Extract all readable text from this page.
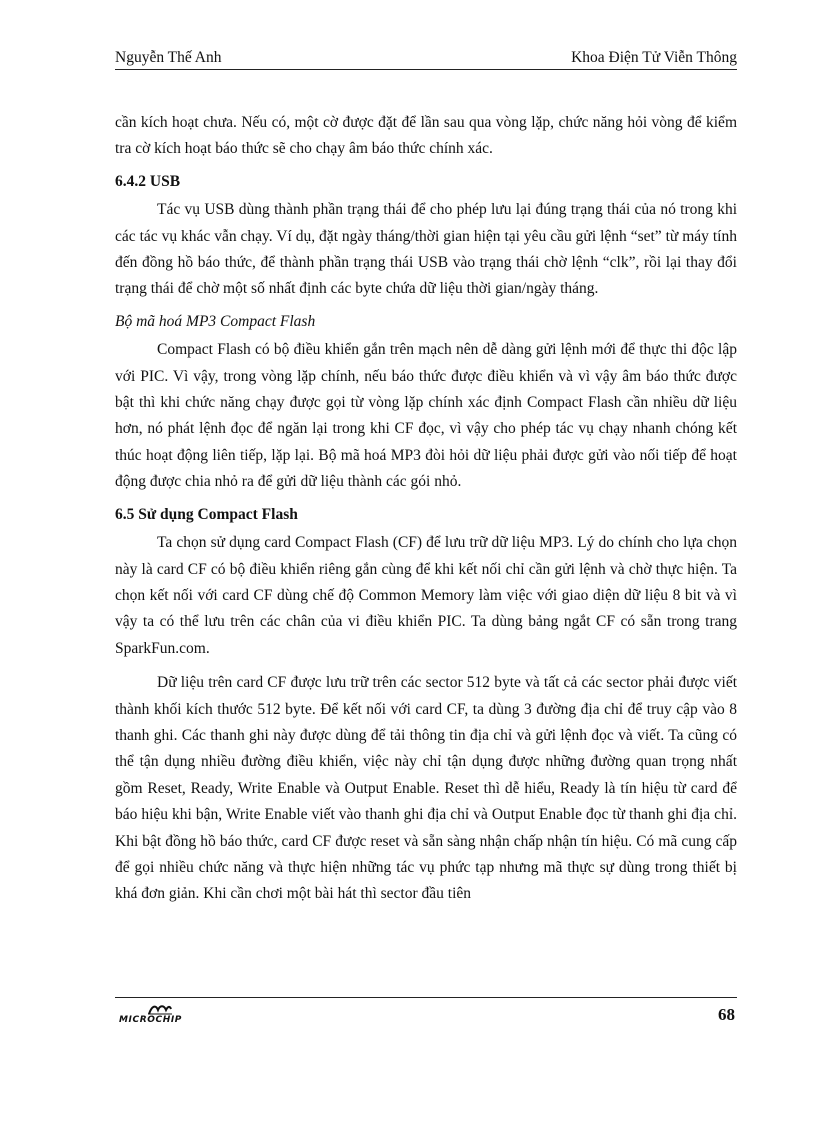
Nguyễn Thế Anh	Khoa Điện Tử Viễn Thông

cần kích hoạt chưa. Nếu có, một cờ được đặt để lần sau qua vòng lặp, chức năng hỏi vòng để kiểm tra cờ kích hoạt báo thức sẽ cho chạy âm báo thức chính xác.

6.4.2 USB

Tác vụ USB dùng thành phần trạng thái để cho phép lưu lại đúng trạng thái của nó trong khi các tác vụ khác vẫn chạy. Ví dụ, đặt ngày tháng/thời gian hiện tại yêu cầu gửi lệnh “set” từ máy tính đến đồng hồ báo thức, để thành phần trạng thái USB vào trạng thái chờ lệnh “clk”, rồi lại thay đổi trạng thái để chờ một số nhất định các byte chứa dữ liệu thời gian/ngày tháng.

Bộ mã hoá MP3 Compact Flash

Compact Flash có bộ điều khiển gắn trên mạch nên dễ dàng gửi lệnh mới để thực thi độc lập với PIC. Vì vậy, trong vòng lặp chính, nếu báo thức được điều khiển và vì vậy âm báo thức được bật thì khi chức năng chạy được gọi từ vòng lặp chính xác định Compact Flash cần nhiều dữ liệu hơn, nó phát lệnh đọc để ngăn lại trong khi CF đọc, vì vậy cho phép tác vụ chạy nhanh chóng kết thúc hoạt động liên tiếp, lặp lại. Bộ mã hoá MP3 đòi hỏi dữ liệu phải được gửi vào nối tiếp để hoạt động được chia nhỏ ra để gửi dữ liệu thành các gói nhỏ.

6.5 Sử dụng Compact Flash

Ta chọn sử dụng card Compact Flash (CF) để lưu trữ dữ liệu MP3. Lý do chính cho lựa chọn này là card CF có bộ điều khiển riêng gắn cùng để khi kết nối chỉ cần gửi lệnh và chờ thực hiện. Ta chọn kết nối với card CF dùng chế độ Common Memory làm việc với giao diện dữ liệu 8 bit và vì vậy ta có thể lưu trên các chân của vi điều khiển PIC. Ta dùng bảng ngắt CF có sẵn trong trang SparkFun.com.

Dữ liệu trên card CF được lưu trữ trên các sector 512 byte và tất cả các sector phải được viết thành khối kích thước 512 byte. Để kết nối với card CF, ta dùng 3 đường địa chỉ để truy cập vào 8 thanh ghi. Các thanh ghi này được dùng để tải thông tin địa chỉ và gửi lệnh đọc và viết. Ta cũng có thể tận dụng nhiều đường điều khiển, việc này chỉ tận dụng được những đường quan trọng nhất gồm Reset, Ready, Write Enable và Output Enable. Reset thì dễ hiểu, Ready là tín hiệu từ card để báo hiệu khi bận, Write Enable viết vào thanh ghi địa chỉ và Output Enable đọc từ thanh ghi địa chỉ. Khi bật đồng hồ báo thức, card CF được reset và sẵn sàng nhận chấp nhận tín hiệu. Có mã cung cấp để gọi nhiều chức năng và thực hiện những tác vụ phức tạp nhưng mã thực sự dùng trong thiết bị khá đơn giản. Khi cần chơi một bài hát thì sector đầu tiên

MICROCHIP	68
